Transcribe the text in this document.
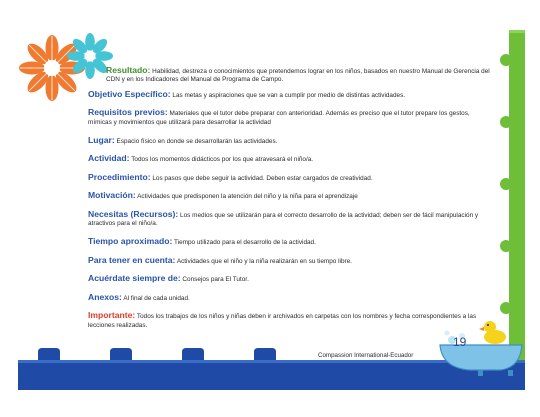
Resultado: Habilidad, destreza o conocimientos que pretendemos lograr en los niños, basados en nuestro Manual de Gerencia del CDN y en los Indicadores del Manual de Programa de Campo.

Objetivo Específico: Las metas y aspiraciones que se van a cumplir por medio de distintas actividades.

Requisitos previos: Materiales que el tutor debe preparar con anterioridad. Además es preciso que el tutor prepare los gestos, mímicas y movimientos que utilizará para desarrollar la actividad

Lugar: Espacio físico en donde se desarrollarán las actividades.

Actividad: Todos los momentos didácticos por los que atravesará el niño/a.

Procedimiento: Los pasos que debe seguir la actividad. Deben estar cargados de creatividad.

Motivación: Actividades que predisponen la atención del niño y la niña para el aprendizaje

Necesitas (Recursos): Los medios que se utilizarán para el correcto desarrollo de la actividad; deben ser de fácil manipulación y atractivos para el niño/a.

Tiempo aproximado: Tiempo utilizado para el desarrollo de la actividad.

Para tener en cuenta: Actividades que el niño y la niña realizarán en su tiempo libre.

Acuérdate siempre de: Consejos para El Tutor.

Anexos: Al final de cada unidad.

Importante: Todos los trabajos de los niños y niñas deben ir archivados en carpetas con los nombres y fecha correspondientes a las lecciones realizadas.

19
Compassion International-Ecuador
